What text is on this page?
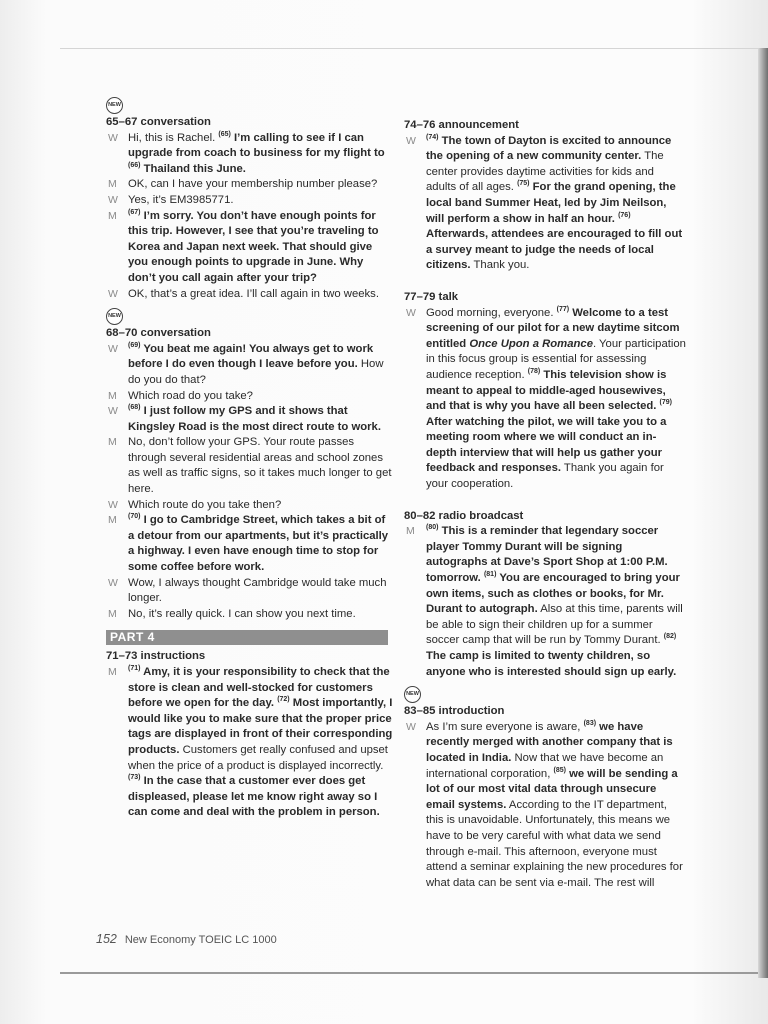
NEW
65–67 conversation
W Hi, this is Rachel. $^{(65)}$ I’m calling to see if I can upgrade from coach to business for my flight to $^{(66)}$ Thailand this June.
M OK, can I have your membership number please?
W Yes, it’s EM3985771.
M $^{(67)}$ I’m sorry. You don’t have enough points for this trip. However, I see that you’re traveling to Korea and Japan next week. That should give you enough points to upgrade in June. Why don’t you call again after your trip?
W OK, that’s a great idea. I’ll call again in two weeks.
NEW
68–70 conversation
W $^{(69)}$ You beat me again! You always get to work before I do even though I leave before you. How do you do that?
M Which road do you take?
W $^{(68)}$ I just follow my GPS and it shows that Kingsley Road is the most direct route to work.
M No, don’t follow your GPS. Your route passes through several residential areas and school zones as well as traffic signs, so it takes much longer to get here.
W Which route do you take then?
M $^{(70)}$ I go to Cambridge Street, which takes a bit of a detour from our apartments, but it’s practically a highway. I even have enough time to stop for some coffee before work.
W Wow, I always thought Cambridge would take much longer.
M No, it’s really quick. I can show you next time.
PART 4
71–73 instructions
M $^{(71)}$ Amy, it is your responsibility to check that the store is clean and well-stocked for customers before we open for the day. $^{(72)}$ Most importantly, I would like you to make sure that the proper price tags are displayed in front of their corresponding products. Customers get really confused and upset when the price of a product is displayed incorrectly. $^{(73)}$ In the case that a customer ever does get displeased, please let me know right away so I can come and deal with the problem in person.
74–76 announcement
W $^{(74)}$ The town of Dayton is excited to announce the opening of a new community center. The center provides daytime activities for kids and adults of all ages. $^{(75)}$ For the grand opening, the local band Summer Heat, led by Jim Neilson, will perform a show in half an hour. $^{(76)}$ Afterwards, attendees are encouraged to fill out a survey meant to judge the needs of local citizens. Thank you.
77–79 talk
W Good morning, everyone. $^{(77)}$ Welcome to a test screening of our pilot for a new daytime sitcom entitled Once Upon a Romance. Your participation in this focus group is essential for assessing audience reception. $^{(78)}$ This television show is meant to appeal to middle-aged housewives, and that is why you have all been selected. $^{(79)}$ After watching the pilot, we will take you to a meeting room where we will conduct an in-depth interview that will help us gather your feedback and responses. Thank you again for your cooperation.
80–82 radio broadcast
M $^{(80)}$ This is a reminder that legendary soccer player Tommy Durant will be signing autographs at Dave’s Sport Shop at 1:00 P.M. tomorrow. $^{(81)}$ You are encouraged to bring your own items, such as clothes or books, for Mr. Durant to autograph. Also at this time, parents will be able to sign their children up for a summer soccer camp that will be run by Tommy Durant. $^{(82)}$ The camp is limited to twenty children, so anyone who is interested should sign up early.
NEW
83–85 introduction
W As I’m sure everyone is aware, $^{(83)}$ we have recently merged with another company that is located in India. Now that we have become an international corporation, $^{(85)}$ we will be sending a lot of our most vital data through unsecure email systems. According to the IT department, this is unavoidable. Unfortunately, this means we have to be very careful with what data we send through e-mail. This afternoon, everyone must attend a seminar explaining the new procedures for what data can be sent via e-mail. The rest will
152 New Economy TOEIC LC 1000
